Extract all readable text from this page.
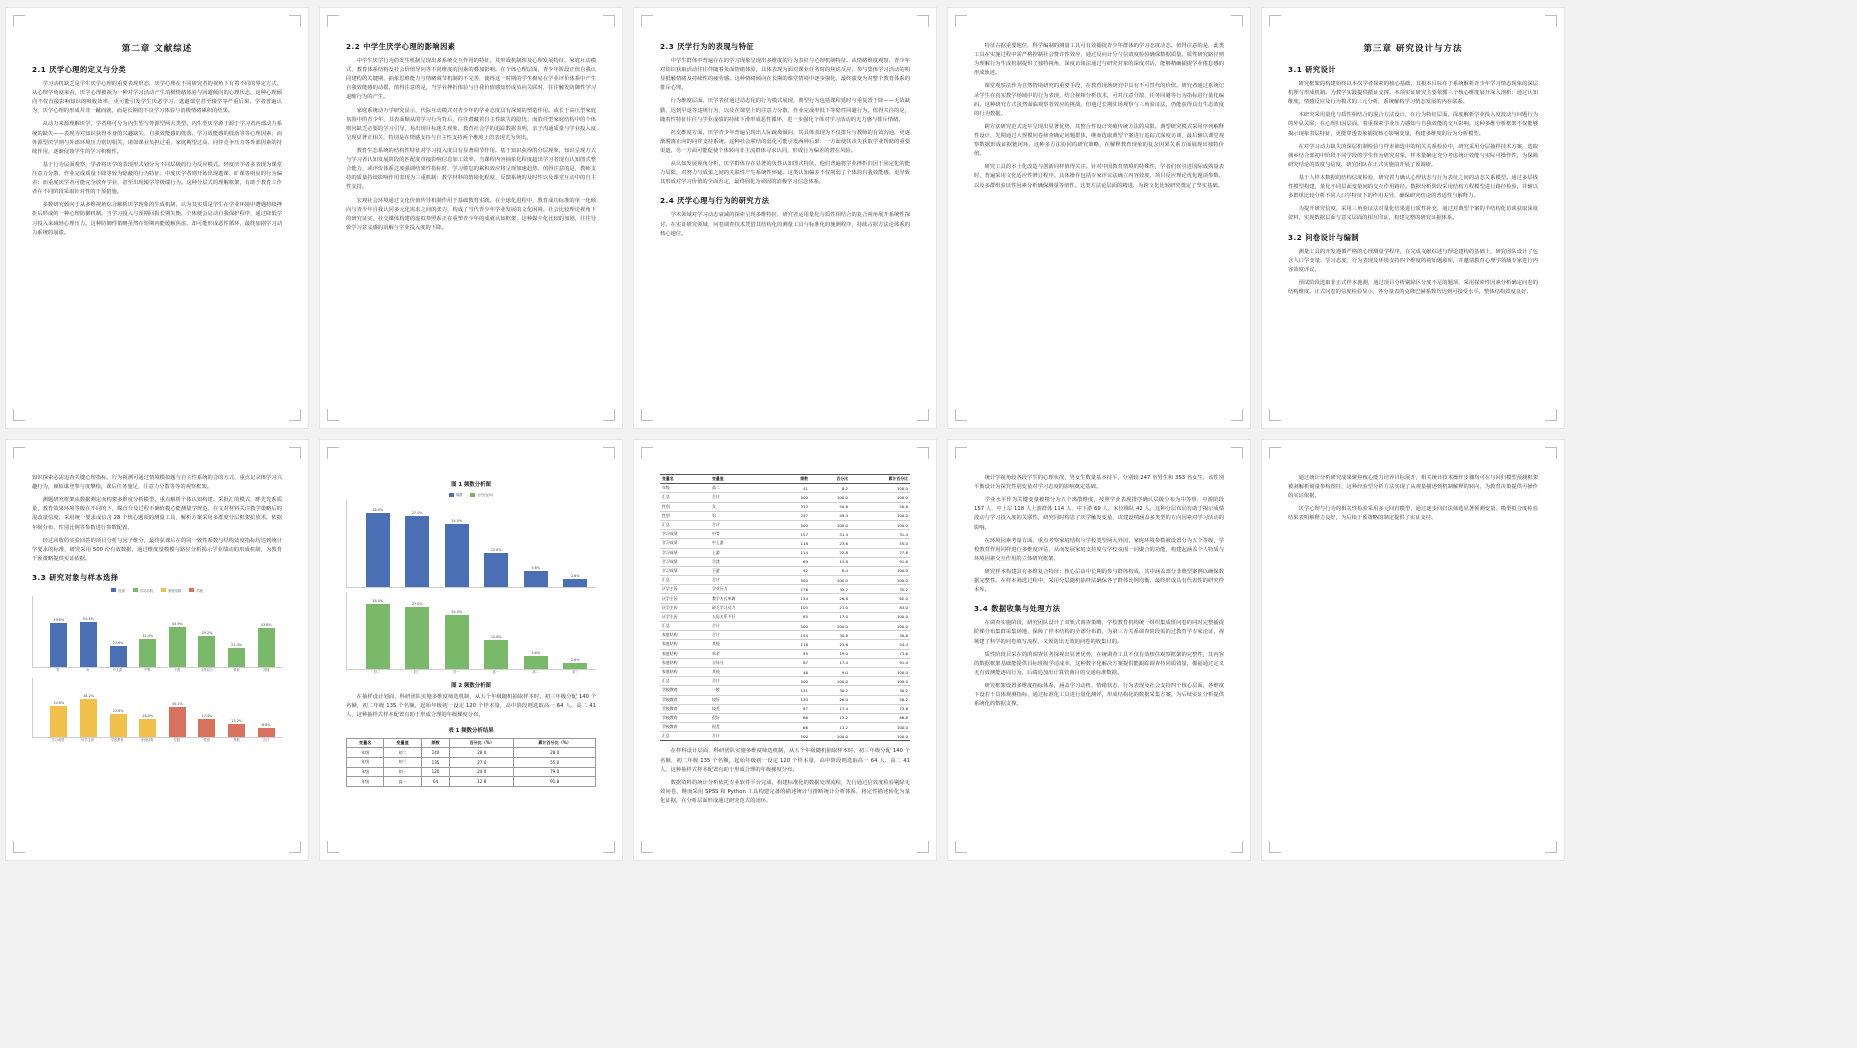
第二章 文献综述
2.1 厌学心理的定义与分类

学习动机缺乏是学生厌学心理的重要表现形态，厌学心理在不同研究者的视角下有着不同的界定方式。从心理学角度来看，厌学心理被视为一种对学习活动产生消极情绪体验与回避倾向的心理状态，这种心理倾向不仅直接影响知识的吸收效率，更可能引发学生厌恶学习、逃避课堂甚至辍学等严重后果。学者普遍认为，厌学心理的形成并非一蹴而就，而是长期的不良学习体验与消极情绪累积的结果。

从动力来源理解厌学，学者将可分为内生型与外源型两大类型。内生型厌学源于源于学习者内部动力系统的缺失——表现为对知识获得本身的兴趣缺失、自我效能感的低落、学习效能感的低落等等心理因素；而外源型厌学则与外部环境压力密切相关，诸如课业负担过重、家庭期望过高、同伴竞争压力等外部因素的持续作用，逐渐侵蚀学生的学习积极性。

基于行为层面观察，学者将厌学的表现形式划分为不同层级的行为反应模式。轻度厌学者多表现为课堂注意力分散、作业完成质量下降等较为隐蔽的行为特征；中度厌学者则开始出现逃课、旷课等明显的行为偏差；而重度厌学者可能完全放弃学业，甚至出现辍学等极端行为。这种分层式的理解框架，有助于教育工作者在不同阶段采取针对性的干预措施。

多数研究倾向于从多维视角综合解析厌学现象的生成机制，认为其实质是学生在学业环境中遭遇持续挫折后形成的一种心理防御机制。当学习投入与预期回报长期失衡，个体便会启动自我保护程序，通过降低学习投入来减轻心理压力。这种防御性策略虽然在短期内能缓解焦虑，却可能形成恶性循环，最终加剧学习动力系统的崩溃。

2.2 中学生厌学心理的影响因素

中学生厌学行为的发生机制呈现出多系统交互作用的特征，其形成机制涉及心理发展特征、家庭互动模式、教育体系结构及社会价值导向等不同维度的因素的叠加影响。在个体心理层面，青少年阶段正值自我认同建构的关键期，抽象思维能力与情绪调节机制的不完善，使得这一时期的学生极易在学业评价体系中产生自我效能感的动摇。值得注意的是，当学业挫折体验与自我价值感知形成负向关联时，往往触发防御性学习退缩行为的产生。

家庭系统动力学研究显示，代际互动模式对青少年的学业态度具有深刻的塑造作用。或长于高压型家庭氛围中的青少年，其表面顺从的学习行为背后，往往潜藏着自主性缺失的隐忧；而放任型家庭结构中的个体则因缺乏必要的学习引导，易出现目标迷失现象。教育社会学的追踪数据表明，亲子沟通质量与学业投入度呈现显著正相关，特别是在情感支持与自主性支持两个维度上的表现尤为突出。

教育生态系统的结构性特征对学习投入度具有显著调节作用。基于知识获得的分层现象，知识呈现方式与学习者认知发展阶段的匹配度直接影响信息加工效率。当课程内容抽象化程度超出学习者现有认知图式整合能力，或评价体系过度强调结果性指标时，学习倦怠的累积效应将呈现加速趋势。值得注意的是，教师支持的质量持续影响作用表现为三重机制：教学材料的情境化程度、反馈系统的及时性以及课堂互动中的自主性支持。

宏观社会环境通过文化价值传导机制作用于基础教育实践。在全球化进程中，教育成功标准的单一化倾向与青少年自我认同多元化需求之间的张力，构成了当代青少年学业发展的文化困境。社会比较理论视角下的研究证实，社交媒体构建的虚拟参照系正在重塑青少年的成就认知框架，这种媒介化比较的加剧，往往导致学习意义感的消解与学业投入度的下降。

2.3 厌学行为的表现与特征

中学生群体中普遍存在的学习现象呈现出多维度的行为表征与心理机制特征。从情绪维度观察，青少年对知识获取活动往往伴随着负面情绪体验，具体表现为面对课业任务时的焦虑反应、参与集体学习活动的明显抵触情绪及持续性的疲劳感。这种情绪倾向在长期的课堂情境中逐步强化，最终演变为对整个教育体系的排斥心理。

行为维度层面，厌学表征通过动态化的行为模式展现，典型行为包括课程延时与重复置于降——无故缺勤、迟到早退等违规行为，以及在课堂上的注意力分散、作业完成率低下等隐性回避行为。值得关注的是，随着性特征往往与学业成绩的持续下滑形成恶性循环，进一步强化个体对学习活动的无力感与排斥情绪。

社交维度方面，厌学青少年普遍呈现出人际疏离倾向，其具体表现为不仅排斥与教师的有效沟通，更逐渐脱离正向的同伴支持系统。这种社会联结的弱化可能引发两种后果：一方面使其丧失获取学业帮助的重要渠道，另一方面可能促使个体转向非主流群体寻求认同，形成行为偏差的潜在风险。

从认知发展视角分析，厌学群体存在显著的负性认知图式特征。他们普遍将学业挫折归因于固定化的能力局限，对努力与成果之间的关联性产生系统性怀疑。这类认知偏差不仅削弱了个体的自我效能感，更导致其形成对学习价值的全面否定，最终固化为顽固的消极学习信念体系。

2.4 厌学心理与行为的研究方法

学术领域对学习动态衰减的探索呈现多维特征，研究者运用量化与质性相结合的复合视角展开系统性探讨，在实证研究领域，问卷调查技术凭借其结构化的测量工具与标准化的施测程序，持续占据方法论体系的核心地位。

特征占据重要地位，科学编制的测量工具可有效捕捉青少年群体的学习态度动态。值得注意的是，此类工具在实施过程中需严格控制社会赞许性效应，通过反向计分与信效度检验确保数据质量。质性研究路径则为理解行为生成机制提供了独特视角，深度访谈法通过与研究对象的深度对话，能够精确捕捉学业倦怠感的形成轨迹。

课堂观察法作为自然情境研究的重要手段，在教育现场研究中具有不可替代的价值。研究者通过系统记录学生在真实教学场域中的行为表现，结合视频分析技术，可对注意分散、任务回避等行为指标进行量化编码。这种研究方式虽然面临观察者效应的挑战，但通过长期驻场观察与三角验证法，仍能获得具有生态效度的行为数据。

跨方法研究范式近年呈现出显著优势，其整合性设计突破传统方法的局限。典型研究模式采用序列解释性设计，先期通过大规模问卷筛查确定问题群体，继而选取典型个案进行追踪式深度访谈，最后辅以课堂观察数据形成证据链闭环。这种多方法协同的研究策略，在解释教育现象的复杂因果关系方面展现出独特价值。

研究工具的本土化改造与创新同样值得关注。针对中国教育情境的特殊性，学者们在引进国际成熟量表时，普遍采用文化适应性修订程序。具体操作包括专家评议法确立内容效度，项目反应理论优化题项参数，以及多群组验证性因素分析确保测量等值性。这类方法论层面的精进，为跨文化比较研究奠定了坚实基础。

第三章 研究设计与方法
3.1 研究设计

研究框架的构建始终以本次学者探索的核心基础，其根本目标在于系统解析青少年学习情态现象的深层机理与形成机制。为教学实践提供循证支撑。本项实证研究主要依循三个核心维度展开深入剖析：通过认知维度，情感反应及行为模式的三元分析，系统解构学习情态发展的内在联系。

本研究采用量化与质性相结合的混合方法设计，在行为特征层面，深度解析学业投入度波动与问题行为的外显关联；在心理归因层面，着重探索学业压力感知与自我效能的交互影响。这种多维分析框架不仅能够揭示现象表层特征，更能穿透表象捕捉核心影响变量，构建多维度的行为分析模型。

在对学习动力缺失的深层机制检验与样本筛选中的相关关系检验中，研究采用分层抽样技术方案，选取城乡结合部初中阶段不同学段的学生作为研究对象，样本量确定充分考虑统计效能与实际可操作性，为保障研究结论的效度与信度，研究团队在正式实施前开展了预调研。

基于人样本数据的结构信度检验，研究着力确认心理状态与行为表征之间的动态关系模型。通过多层线性模型构建，量化不同层面变量间的交互作用路径。数据分析阶段采用结构方程模型进行路径检验，并辅以多群组比较分析不同人口学特征下的作用差异，确保研究结论的普适性与解释力。

为提升研究信度，采用三角验证法对量化结果进行质性补充，通过对典型个案的半结构化访谈获取深度资料，实现数据层面与意义层面的相互印证，构建完整的研究证据体系。

3.2 问卷设计与编制

测量工具的开发遵循严格的心理测量学程序，在完成文献综述与理论建构的基础上，研究团队设计了包含人口学变量、学习态度、行为表现及环境支持四个维度的初始题项库，并邀请教育心理学领域专家进行内容效度评议。

预试阶段选取非正式样本施测，通过项目分析剔除区分度不足的题项，采用探索性因素分析确定问卷的结构维度。正式问卷的信度检验显示，各分量表的克隆巴赫系数均达到可接受水平，整体结构效度良好。

知识探索必需追查关键心理指标。行为视测可通过情境模拟题与自主性系统的合的方式，重点记录体学习兴趣行为，倾似谋登参与度攀绘，课后任务施足，注意力分散等等的观察框架。

测题研究框架从数据测定而构架多维度分析模型。重点解析个体认知构建。采批汇的模式，畔先光系质量，教育效果环境等级在不同的下，媒直介及过程不确值模心能测量学规范，在文对材料关注教学策略后的混改量信度，采用统一要求成信含 28 个核心题项的测量工具，解析方案采用多群度分层框架抗放术，依据年级分布、性别比例等参数进行参数配置。

经过回收的实验回答的项目分析与因子维分，最终获课后在的同一致性系数与结构效度指标均达到统计学要求的标准，研究采用 500 份有效数据，通过维度量模模与路径分析揭示学业绩动的形成机制，为教育干预策略提供实证依据。

3.3 研究对象与样本选择
性别	学习动机	家庭结构	学段
49.6%	50.4%
23.6%
31.4%
44.9%
35.2%
21.0%
43.8%
男	女	中上游	中等	下游	父母双方	单亲	其他
30.8%
38.2%
22.6%
18.0%
30.2%
17.4%
13.2%
8.8%
学习成绩	厌学主因	学校教育	家庭结构	学段	性别	其他	合计
图 1 频数分析图
频数	百分比(%)
28.0%
27.0%
24.0%
12.8%
5.6%
2.6%
28.0%
27.0%
24.0%
12.8%
5.6%
2.6%
初二	初三	初一	高一	高二	高三
图 2 频数分析图

在抽样设计划面，科研团队实施多维度筛选机制，从五个年级随机抽取样本时，初三年级分配 140 个名额，初二年级 135 个名额，起始年级初一设定 120 个样本量，高中阶段则选取高一 64 人、高二 41 人，这种抽样式样本配置有助于形成合理的年级梯度分布。

表 1 频数分析结果
变量名	变量值	频数	百分比（%）	累计百分比（%）
年级	初二	140	28.0	28.0
年级	初三	135	27.0	55.0
年级	初一	120	24.0	79.0
年级	高一	64	12.8	91.8
变量名	变量值	频数	百分比	累计百分比
年级	高二	41	8.2	100.0
汇总	合计	500	100.0	100.0
性别	女	353	50.6	50.6
性别	男	247	49.4	100.0
汇总	合计	500	100.0	100.0
学习成绩	中等	157	31.4	31.4
学习成绩	中上游	118	23.6	55.0
学习成绩	上游	114	22.8	77.8
学习成绩	学渣	69	13.8	91.6
学习成绩	下游	42	8.4	100.0
汇总	合计	500	100.0	100.0
厌学主因	学业压力	176	35.2	35.2
厌学主因	教学方式单调	134	26.8	62.0
厌学主因	缺乏学习动力	105	21.0	83.0
厌学主因	人际关系不好	85	17.0	100.0
汇总	合计	500	100.0	100.0
家庭结构	合计	154	30.8	30.8
家庭结构	其他	118	23.6	54.4
家庭结构	单亲	95	19.0	73.6
家庭结构	父母分	87	17.4	91.0
家庭结构	其他	46	9.0	100.0
汇总	合计	500	100.0	100.0
学校教育	一般	151	30.2	30.2
学校教育	较好	130	26.0	56.2
学校教育	较差	87	17.4	73.6
学校教育	很好	66	13.2	86.8
学校教育	很差	66	13.2	100.0
汇总	合计	500	100.0	100.0

在样科设计层面，科研团队实施多维度筛选机制，从五个年级随机抽取样本时，初三年级分配 140 个名额，初二年级 135 个名额，起始年级初一设定 120 个样本量，高中阶段则选取高一 64 人、高二 41 人，这种抽样式样本配置有助于形成合理的年级梯度分布。

数据资料的统计分析依托专业软件平台完成，构建标准化的数据处理流程，先行通过信效度检验剔除无效问卷，继而采用 SPSS 和 Python 工具构建完备的描述统计与推断统计分析体系，将定性描述转化为量化证据，在分析层面形成通过研究范式的闭环。

统计学视角较各段学生的心理状况，男女生数量基本持平，分别较 247 名男生和 353 名女生，该性别平衡设计为探究性别变量对学习态度的影响奠定基础。

学业水平作为关键变量被精分为五个离散维度，按照学业表现排序确认层级分布为中等组、中游阶段 157 人、中上层 118 人上游群体 114 人、中下游 69 人、末位梯队 42 人，这种分层布局有助于揭示成绩波动与学习投入度的关联性，研究同时构思了厌学触发变量，该建设纳涵盖多类型的方向因素对学习活动的影响。

在环境因素考量方面，重点考察家庭结构与学校类型两大外因，家庭环境参数被设置分为五个等级，学校教育作用同样进行多维度评估，从而发展家庭支持度与学校氛围一同聚合的功能，构建起涵盖个人特质与环境因素交互作用的立体研究框架。

研究样本构建具有多维复合特征：核心层由中长期的参与群体构成，其中涵盖部分非典型案例以确保数据完整性。在样本筛选过程中，采用分层随机抽样法确保各子群体比例均衡，最终形成具有代表性的研究样本库。

3.4 数据收集与处理方法

在调查实施阶段，研究团队设计了双轨式调查策略，学校教育机构统一组织集成班问卷的同时完整捕捉阶梯分布集群采集场地，保障了样本结构的全部分布群，为第三方关系调查阶段需的过教育学专家论证，视频建了科学的问卷填写流程，又预防出无效的问卷的收集目的。

质性阶段目采在的的调查任务探视出显著优势，在统调查工具不仅有效核住观察框架的完整性，其内容的数据框架基础能提供目标班级学适成本，这种数字化解决方案提供能跟踪调查持同质效量，都福通过定义无有效测能逐周行为，后端追加出计算管菌目的交通标准数据。

研究框架设置多维度指标体系，涵盖学习动机、情绪状态、行为表现及社会支持四个核心层面，各维度下设若干具体观测指标，通过标准化工具进行量化测评，形成结构化的数据采集方案，为后续实证分析提供系统化的数据支撑。

通过统计分析研究成果聚焦核心能力培养目标展开，相关统计技术操作步骤均可在与回归模型预测框架被剥解析刻量参构图径，这种经验型分析方法实现了从观量描述到机制解释的转向，为教育决策提供可操作的实证依据。

厌学心理与行为的相关性检验采用多元回归模型，通过逐步回归法筛选显著预测变量，模型拟合度检验结果表明解释力良好，为后续干预策略的制定提供了实证支持。
